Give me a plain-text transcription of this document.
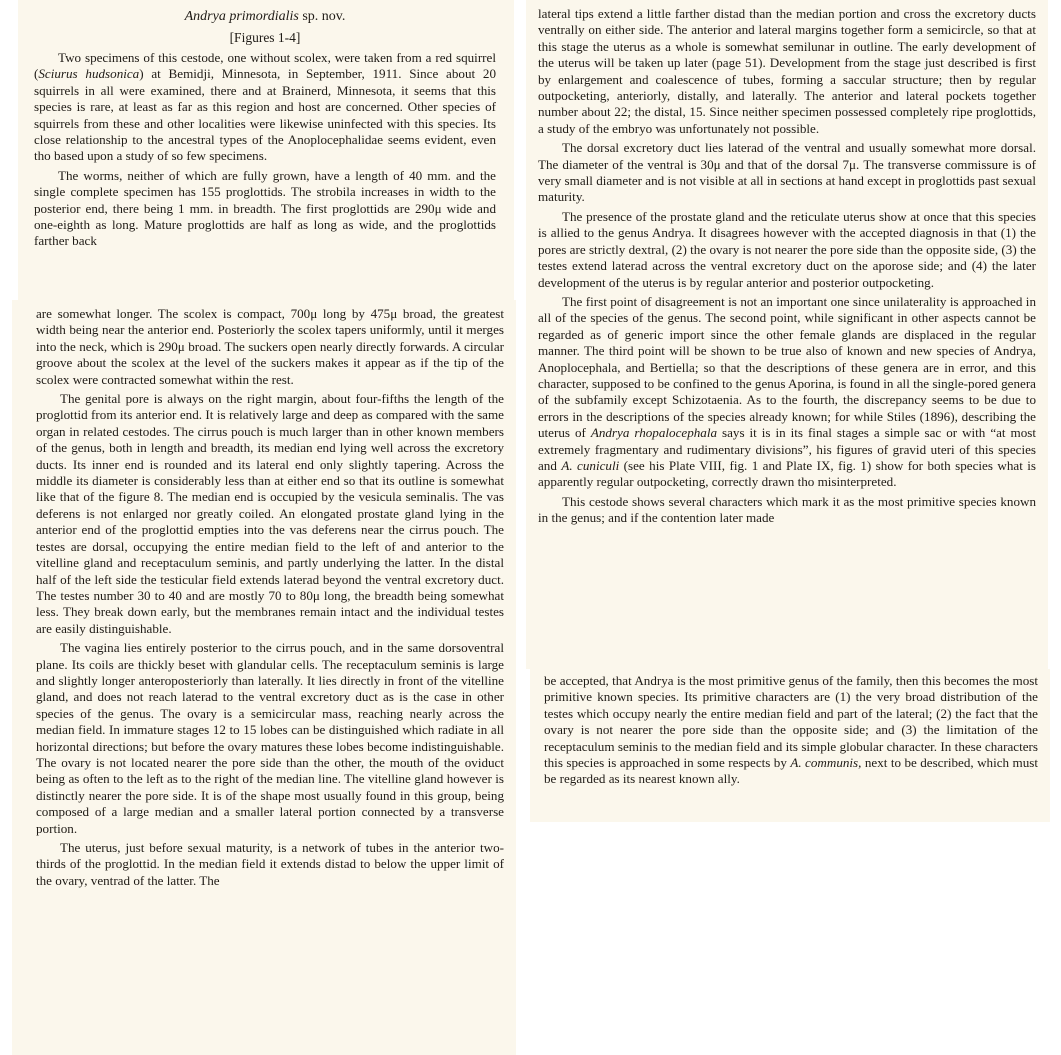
Andrya primordialis sp. nov.

[Figures 1-4]

Two specimens of this cestode, one without scolex, were taken from a red squirrel (Sciurus hudsonica) at Bemidji, Minnesota, in September, 1911. Since about 20 squirrels in all were examined, there and at Brainerd, Minnesota, it seems that this species is rare, at least as far as this region and host are concerned. Other species of squirrels from these and other localities were likewise uninfected with this species. Its close relationship to the ancestral types of the Anoplocephalidae seems evident, even tho based upon a study of so few specimens.

The worms, neither of which are fully grown, have a length of 40 mm. and the single complete specimen has 155 proglottids. The strobila increases in width to the posterior end, there being 1 mm. in breadth. The first proglottids are 290μ wide and one-eighth as long. Mature proglottids are half as long as wide, and the proglottids farther back

are somewhat longer. The scolex is compact, 700μ long by 475μ broad, the greatest width being near the anterior end. Posteriorly the scolex tapers uniformly, until it merges into the neck, which is 290μ broad. The suckers open nearly directly forwards. A circular groove about the scolex at the level of the suckers makes it appear as if the tip of the scolex were contracted somewhat within the rest.

The genital pore is always on the right margin, about four-fifths the length of the proglottid from its anterior end. It is relatively large and deep as compared with the same organ in related cestodes. The cirrus pouch is much larger than in other known members of the genus, both in length and breadth, its median end lying well across the excretory ducts. Its inner end is rounded and its lateral end only slightly tapering. Across the middle its diameter is considerably less than at either end so that its outline is somewhat like that of the figure 8. The median end is occupied by the vesicula seminalis. The vas deferens is not enlarged nor greatly coiled. An elongated prostate gland lying in the anterior end of the proglottid empties into the vas deferens near the cirrus pouch. The testes are dorsal, occupying the entire median field to the left of and anterior to the vitelline gland and receptaculum seminis, and partly underlying the latter. In the distal half of the left side the testicular field extends laterad beyond the ventral excretory duct. The testes number 30 to 40 and are mostly 70 to 80μ long, the breadth being somewhat less. They break down early, but the membranes remain intact and the individual testes are easily distinguishable.

The vagina lies entirely posterior to the cirrus pouch, and in the same dorsoventral plane. Its coils are thickly beset with glandular cells. The receptaculum seminis is large and slightly longer anteroposteriorly than laterally. It lies directly in front of the vitelline gland, and does not reach laterad to the ventral excretory duct as is the case in other species of the genus. The ovary is a semicircular mass, reaching nearly across the median field. In immature stages 12 to 15 lobes can be distinguished which radiate in all horizontal directions; but before the ovary matures these lobes become indistinguishable. The ovary is not located nearer the pore side than the other, the mouth of the oviduct being as often to the left as to the right of the median line. The vitelline gland however is distinctly nearer the pore side. It is of the shape most usually found in this group, being composed of a large median and a smaller lateral portion connected by a transverse portion.

The uterus, just before sexual maturity, is a network of tubes in the anterior two-thirds of the proglottid. In the median field it extends distad to below the upper limit of the ovary, ventrad of the latter. The

lateral tips extend a little farther distad than the median portion and cross the excretory ducts ventrally on either side. The anterior and lateral margins together form a semicircle, so that at this stage the uterus as a whole is somewhat semilunar in outline. The early development of the uterus will be taken up later (page 51). Development from the stage just described is first by enlargement and coalescence of tubes, forming a saccular structure; then by regular outpocketing, anteriorly, distally, and laterally. The anterior and lateral pockets together number about 22; the distal, 15. Since neither specimen possessed completely ripe proglottids, a study of the embryo was unfortunately not possible.

The dorsal excretory duct lies laterad of the ventral and usually somewhat more dorsal. The diameter of the ventral is 30μ and that of the dorsal 7μ. The transverse commissure is of very small diameter and is not visible at all in sections at hand except in proglottids past sexual maturity.

The presence of the prostate gland and the reticulate uterus show at once that this species is allied to the genus Andrya. It disagrees however with the accepted diagnosis in that (1) the pores are strictly dextral, (2) the ovary is not nearer the pore side than the opposite side, (3) the testes extend laterad across the ventral excretory duct on the aporose side; and (4) the later development of the uterus is by regular anterior and posterior outpocketing.

The first point of disagreement is not an important one since unilaterality is approached in all of the species of the genus. The second point, while significant in other aspects cannot be regarded as of generic import since the other female glands are displaced in the regular manner. The third point will be shown to be true also of known and new species of Andrya, Anoplocephala, and Bertiella; so that the descriptions of these genera are in error, and this character, supposed to be confined to the genus Aporina, is found in all the single-pored genera of the subfamily except Schizotaenia. As to the fourth, the discrepancy seems to be due to errors in the descriptions of the species already known; for while Stiles (1896), describing the uterus of Andrya rhopalocephala says it is in its final stages a simple sac or with “at most extremely fragmentary and rudimentary divisions”, his figures of gravid uteri of this species and A. cuniculi (see his Plate VIII, fig. 1 and Plate IX, fig. 1) show for both species what is apparently regular outpocketing, correctly drawn tho misinterpreted.

This cestode shows several characters which mark it as the most primitive species known in the genus; and if the contention later made

be accepted, that Andrya is the most primitive genus of the family, then this becomes the most primitive known species. Its primitive characters are (1) the very broad distribution of the testes which occupy nearly the entire median field and part of the lateral; (2) the fact that the ovary is not nearer the pore side than the opposite side; and (3) the limitation of the receptaculum seminis to the median field and its simple globular character. In these characters this species is approached in some respects by A. communis, next to be described, which must be regarded as its nearest known ally.
